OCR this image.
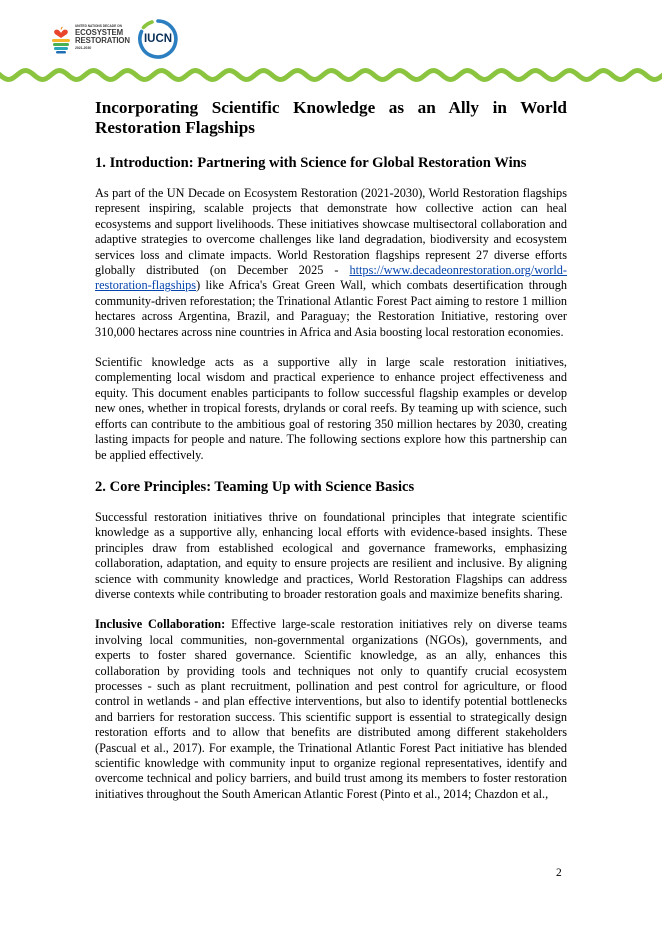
UNITED NATIONS DECADE ON
ECOSYSTEM
RESTORATION
2021-2030
IUCN
Incorporating Scientific Knowledge as an Ally in World Restoration Flagships
1. Introduction: Partnering with Science for Global Restoration Wins

As part of the UN Decade on Ecosystem Restoration (2021-2030), World Restoration flagships represent inspiring, scalable projects that demonstrate how collective action can heal ecosystems and support livelihoods. These initiatives showcase multisectoral collaboration and adaptive strategies to overcome challenges like land degradation, biodiversity and ecosystem services loss and climate impacts. World Restoration flagships represent 27 diverse efforts globally distributed (on December 2025 - https://www.decadeonrestoration.org/world-restoration-flagships) like Africa's Great Green Wall, which combats desertification through community-driven reforestation; the Trinational Atlantic Forest Pact aiming to restore 1 million hectares across Argentina, Brazil, and Paraguay; the Restoration Initiative, restoring over 310,000 hectares across nine countries in Africa and Asia boosting local restoration economies.

Scientific knowledge acts as a supportive ally in large scale restoration initiatives, complementing local wisdom and practical experience to enhance project effectiveness and equity. This document enables participants to follow successful flagship examples or develop new ones, whether in tropical forests, drylands or coral reefs. By teaming up with science, such efforts can contribute to the ambitious goal of restoring 350 million hectares by 2030, creating lasting impacts for people and nature. The following sections explore how this partnership can be applied effectively.

2. Core Principles: Teaming Up with Science Basics

Successful restoration initiatives thrive on foundational principles that integrate scientific knowledge as a supportive ally, enhancing local efforts with evidence-based insights. These principles draw from established ecological and governance frameworks, emphasizing collaboration, adaptation, and equity to ensure projects are resilient and inclusive. By aligning science with community knowledge and practices, World Restoration Flagships can address diverse contexts while contributing to broader restoration goals and maximize benefits sharing.

Inclusive Collaboration: Effective large-scale restoration initiatives rely on diverse teams involving local communities, non-governmental organizations (NGOs), governments, and experts to foster shared governance. Scientific knowledge, as an ally, enhances this collaboration by providing tools and techniques not only to quantify crucial ecosystem processes - such as plant recruitment, pollination and pest control for agriculture, or flood control in wetlands - and plan effective interventions, but also to identify potential bottlenecks and barriers for restoration success. This scientific support is essential to strategically design restoration efforts and to allow that benefits are distributed among different stakeholders (Pascual et al., 2017). For example, the Trinational Atlantic Forest Pact initiative has blended scientific knowledge with community input to organize regional representatives, identify and overcome technical and policy barriers, and build trust among its members to foster restoration initiatives throughout the South American Atlantic Forest (Pinto et al., 2014; Chazdon et al.,

2
